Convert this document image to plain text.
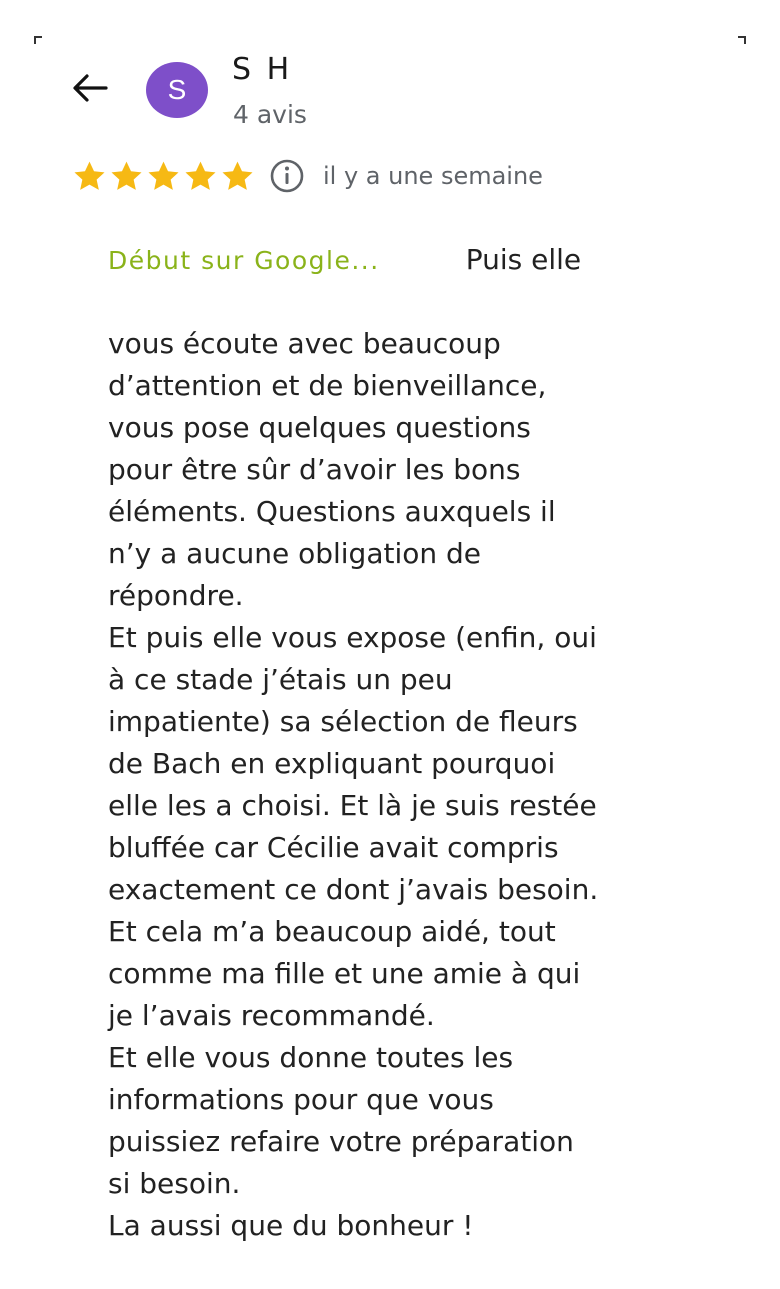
S
S H
4 avis
il y a une semaine

Début sur Google...	Puis elle

vous écoute avec beaucoup
d’attention et de bienveillance,
vous pose quelques questions
pour être sûr d’avoir les bons
éléments. Questions auxquels il
n’y a aucune obligation de
répondre.
Et puis elle vous expose (enfin, oui
à ce stade j’étais un peu
impatiente) sa sélection de fleurs
de Bach en expliquant pourquoi
elle les a choisi. Et là je suis restée
bluffée car Cécilie avait compris
exactement ce dont j’avais besoin.
Et cela m’a beaucoup aidé, tout
comme ma fille et une amie à qui
je l’avais recommandé.
Et elle vous donne toutes les
informations pour que vous
puissiez refaire votre préparation
si besoin.
La aussi que du bonheur !
